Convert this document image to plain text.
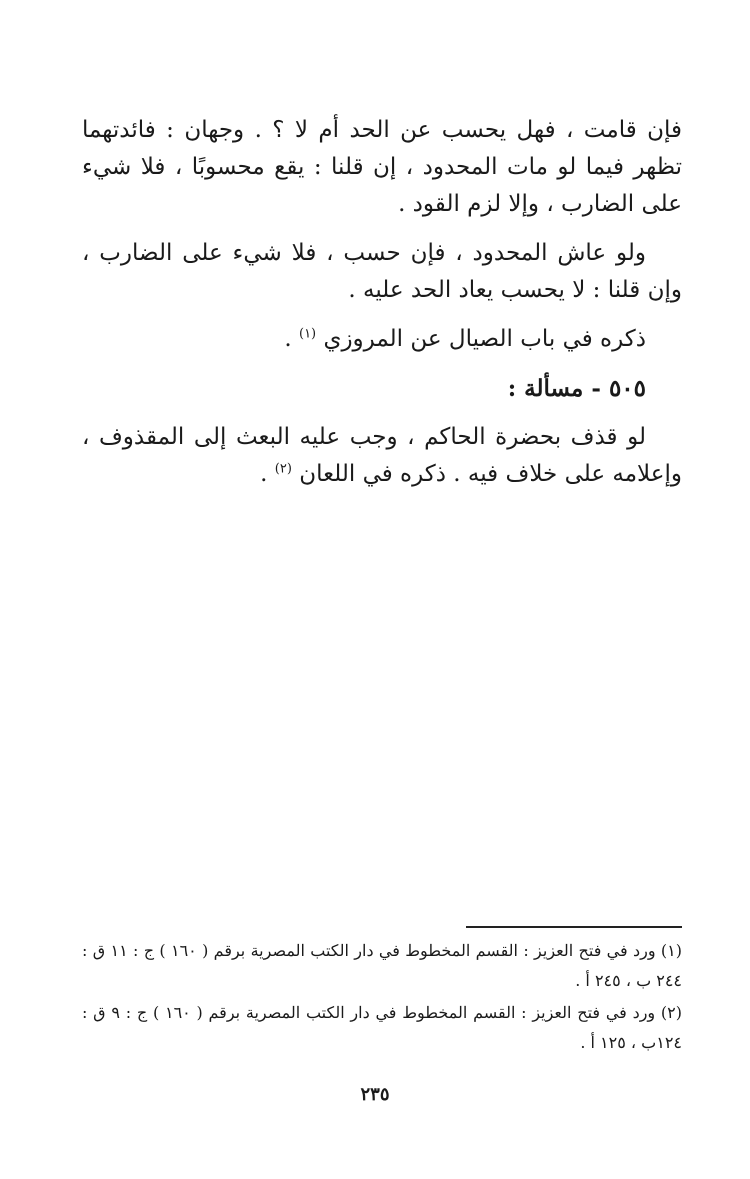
فإن قامت ، فهل يحسب عن الحد أم لا ؟ . وجهان : فائدتهما تظهر فيما لو مات المحدود ، إن قلنا : يقع محسوبًا ، فلا شيء على الضارب ، وإلا لزم القود .

ولو عاش المحدود ، فإن حسب ، فلا شيء على الضارب ، وإن قلنا : لا يحسب يعاد الحد عليه .

ذكره في باب الصيال عن المروزي $^{(١)}$ .

٥٠٥ - مسألة :

لو قذف بحضرة الحاكم ، وجب عليه البعث إلى المقذوف ، وإعلامه على خلاف فيه . ذكره في اللعان $^{(٢)}$ .

(١) ورد في فتح العزيز : القسم المخطوط في دار الكتب المصرية برقم ( ١٦٠ ) ج : ١١ ق : ٢٤٤ ب ، ٢٤٥ أ .

(٢) ورد في فتح العزيز : القسم المخطوط في دار الكتب المصرية برقم ( ١٦٠ ) ج : ٩ ق : ١٢٤ب ، ١٢٥ أ .

٢٣٥
